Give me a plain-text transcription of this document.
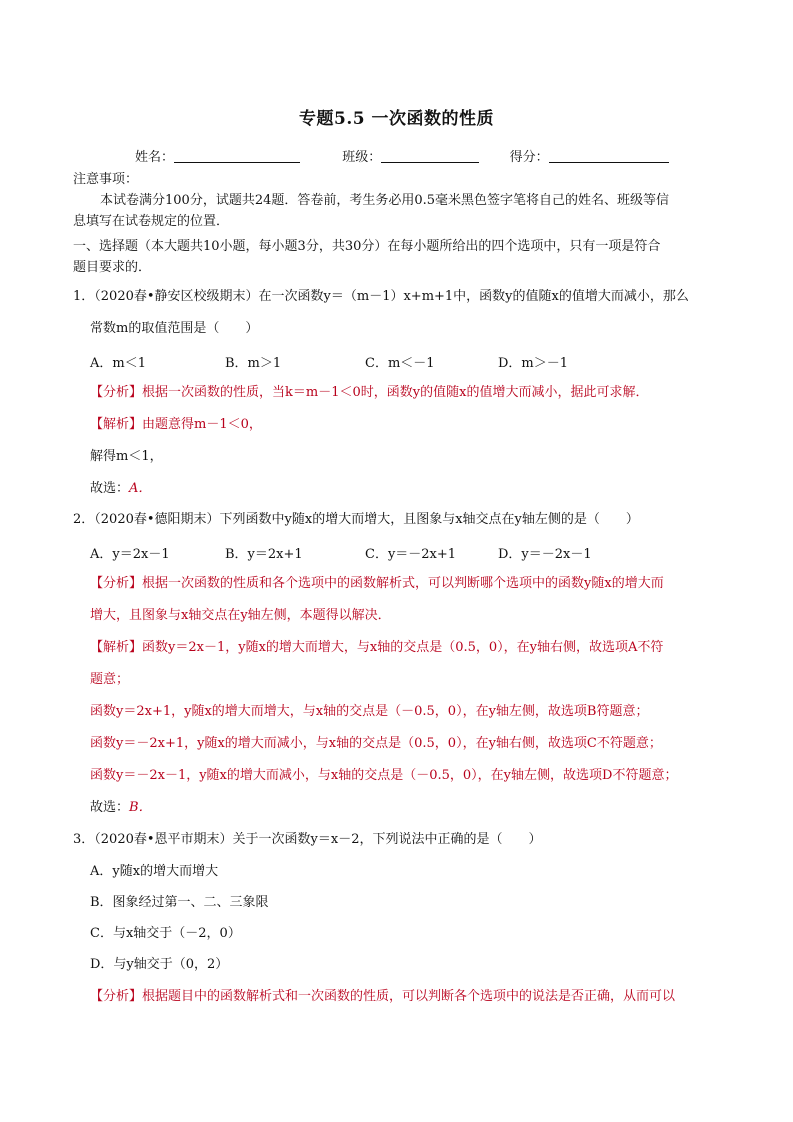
专题5.5 一次函数的性质
姓名：	班级：	得分：
注意事项：
本试卷满分100分，试题共24题．答卷前，考生务必用0.5毫米黑色签字笔将自己的姓名、班级等信
息填写在试卷规定的位置．
一、选择题（本大题共10小题，每小题3分，共30分）在每小题所给出的四个选项中，只有一项是符合
题目要求的．
1．（2020春•静安区校级期末）在一次函数y＝（m－1）x+m+1中，函数y的值随x的值增大而减小，那么
常数m的取值范围是（　　）
A．m＜1	B．m＞1	C．m＜－1	D．m＞－1
【分析】根据一次函数的性质，当k＝m－1＜0时，函数y的值随x的值增大而减小，据此可求解．
【解析】由题意得m－1＜0，
解得m＜1，
故选：A．
2．（2020春•德阳期末）下列函数中y随x的增大而增大，且图象与x轴交点在y轴左侧的是（　　）
A．y＝2x－1	B．y＝2x+1	C．y＝－2x+1	D．y＝－2x－1
【分析】根据一次函数的性质和各个选项中的函数解析式，可以判断哪个选项中的函数y随x的增大而
增大，且图象与x轴交点在y轴左侧，本题得以解决．
【解析】函数y＝2x－1，y随x的增大而增大，与x轴的交点是（0.5，0），在y轴右侧，故选项A不符
题意；
函数y＝2x+1，y随x的增大而增大，与x轴的交点是（－0.5，0），在y轴左侧，故选项B符题意；
函数y＝－2x+1，y随x的增大而减小，与x轴的交点是（0.5，0），在y轴右侧，故选项C不符题意；
函数y＝－2x－1，y随x的增大而减小，与x轴的交点是（－0.5，0），在y轴左侧，故选项D不符题意；
故选：B．
3．（2020春•恩平市期末）关于一次函数y＝x－2，下列说法中正确的是（　　）
A．y随x的增大而增大
B．图象经过第一、二、三象限
C．与x轴交于（－2，0）
D．与y轴交于（0，2）
【分析】根据题目中的函数解析式和一次函数的性质，可以判断各个选项中的说法是否正确，从而可以
